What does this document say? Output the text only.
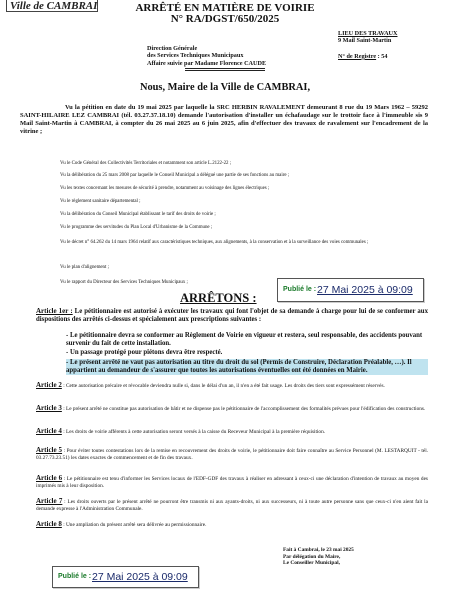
Ville de CAMBRAI	ARRÊTÉ EN MATIÈRE DE VOIRIE
N° RA/DGST/650/2025
LIEU DES TRAVAUX
9 Mail Saint-Martin
N° de Registre : 54
Direction Générale
des Services Techniques Municipaux
Affaire suivie par Madame Florence CAUDE
Nous, Maire de la Ville de CAMBRAI,
Vu la pétition en date du 19 mai 2025 par laquelle la SRC HERBIN RAVALEMENT demeurant 8 rue du 19 Mars 1962 – 59292 SAINT-HILAIRE LEZ CAMBRAI (tél. 03.27.37.18.10) demande l'autorisation d'installer un échafaudage sur le trottoir face à l'immeuble sis 9 Mail Saint-Martin à CAMBRAI, à compter du 26 mai 2025 au 6 juin 2025, afin d'effectuer des travaux de ravalement sur l'encadrement de la vitrine ;
Vu le Code Général des Collectivités Territoriales et notamment son article L.2122-22 ;
Vu la délibération du 25 mars 2008 par laquelle le Conseil Municipal a délégué une partie de ses fonctions au maire ;
Vu les textes concernant les mesures de sécurité à prendre, notamment au voisinage des lignes électriques ;
Vu le règlement sanitaire départemental ;
Vu la délibération du Conseil Municipal établissant le tarif des droits de voirie ;
Vu le programme des servitudes du Plan Local d'Urbanisme de la Commune ;
Vu le décret n° 64.262 du 14 mars 1964 relatif aux caractéristiques techniques, aux alignements, à la conservation et à la surveillance des voies communales ;
Vu le plan d'alignement ;
Vu le rapport du Directeur des Services Techniques Municipaux ;
Publié le : 27 Mai 2025 à 09:09
ARRÊTONS :
Article 1er : Le pétitionnaire est autorisé à exécuter les travaux qui font l'objet de sa demande à charge pour lui de se conformer aux dispositions des arrêtés ci-dessus et spécialement aux prescriptions suivantes :
- Le pétitionnaire devra se conformer au Règlement de Voirie en vigueur et restera, seul responsable, des accidents pouvant survenir du fait de cette installation.
- Un passage protégé pour piétons devra être respecté.
- Le présent arrêté ne vaut pas autorisation au titre du droit du sol (Permis de Construire, Déclaration Préalable, …). Il appartient au demandeur de s'assurer que toutes les autorisations éventuelles ont été données en Mairie.
Article 2 : Cette autorisation précaire et révocable deviendra nulle si, dans le délai d'un an, il n'en a été fait usage. Les droits des tiers sont expressément réservés.
Article 3 : Le présent arrêté ne constitue pas autorisation de bâtir et ne dispense pas le pétitionnaire de l'accomplissement des formalités prévues pour l'édification des constructions.
Article 4 : Les droits de voirie afférents à cette autorisation seront versés à la caisse du Receveur Municipal à la première réquisition.
Article 5 : Pour éviter toutes contestations lors de la remise en recouvrement des droits de voirie, le pétitionnaire doit faire connaître au Service Personnel (M. LESTARQUIT - tél. 03.27.73.23.51) les dates exactes de commencement et de fin des travaux.
Article 6 : Le pétitionnaire est tenu d'informer les Services locaux de l'EDF-GDF des travaux à réaliser en adressant à ceux-ci une déclaration d'intention de travaux au moyen des imprimés mis à leur disposition.
Article 7 : Les droits ouverts par le présent arrêté ne pourront être transmis ni aux ayants-droits, ni aux successeurs, ni à toute autre personne sans que ceux-ci n'en aient fait la demande expresse à l'Administration Communale.
Article 8 : Une ampliation du présent arrêté sera délivrée au permissionnaire.
Fait à Cambrai, le 23 mai 2025
Par délégation du Maire,
Le Conseiller Municipal,
Publié le : 27 Mai 2025 à 09:09
